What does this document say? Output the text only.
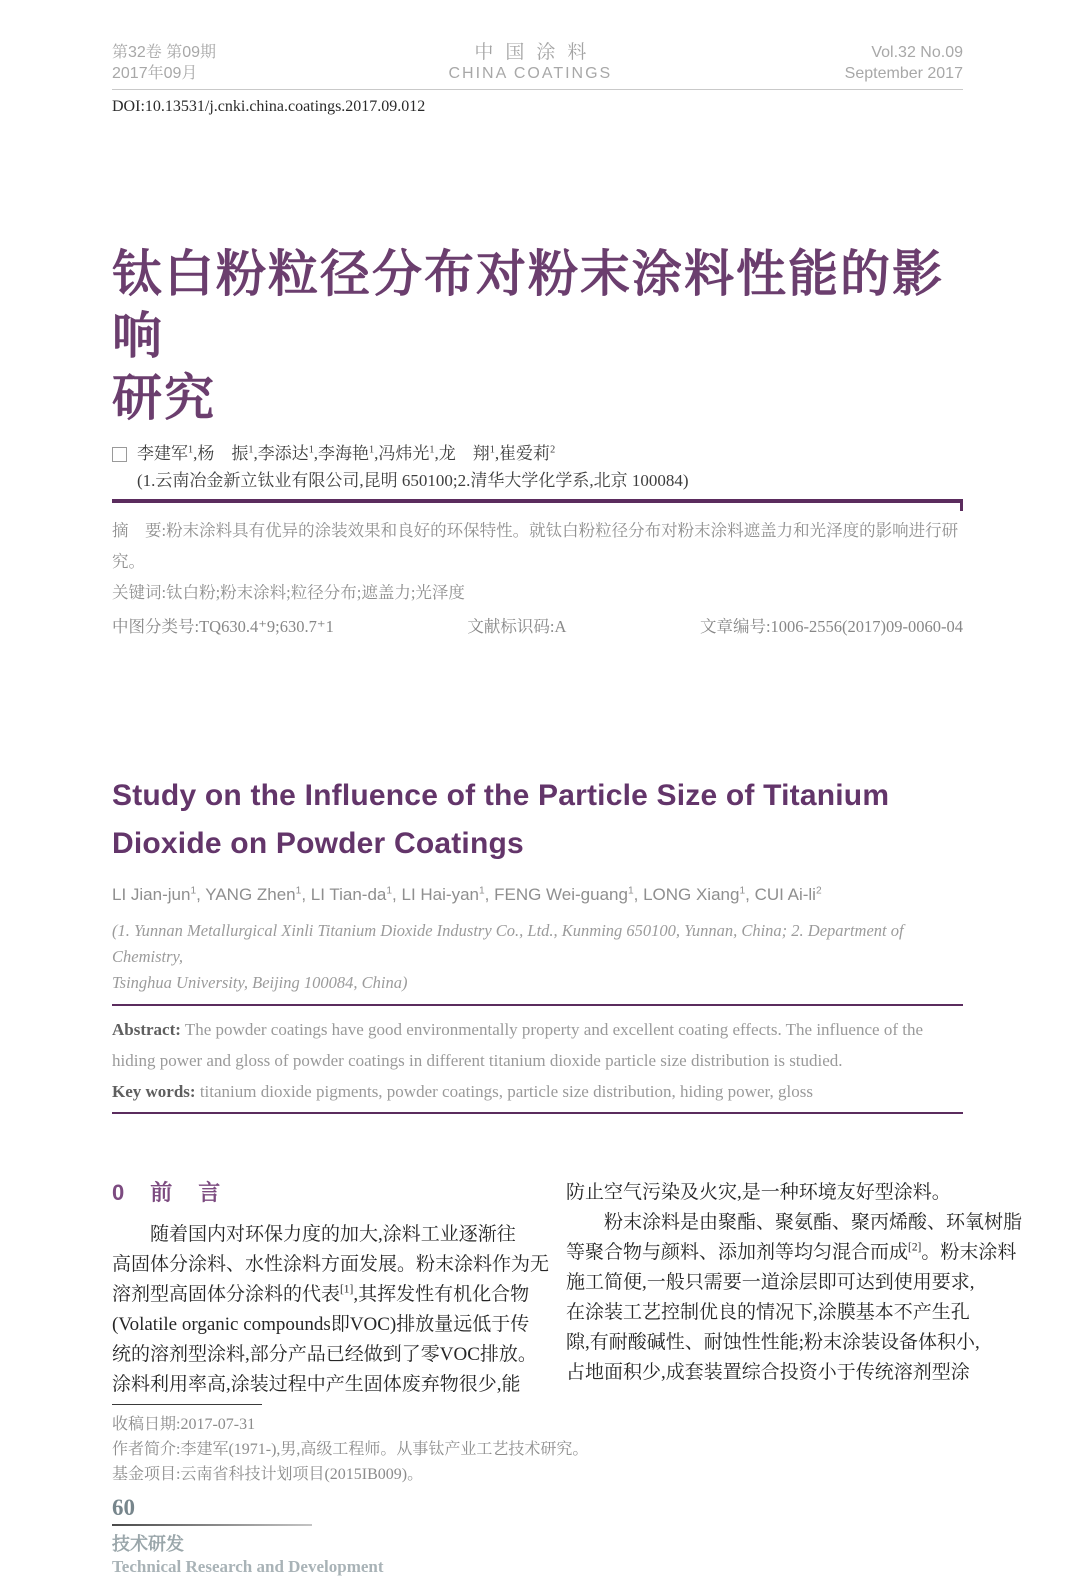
第32卷 第09期
2017年09月
中国涂料
CHINA COATINGS
Vol.32 No.09
September 2017
DOI:10.13531/j.cnki.china.coatings.2017.09.012
钛白粉粒径分布对粉末涂料性能的影响
研究
李建军$^1$,杨　振$^1$,李添达$^1$,李海艳$^1$,冯炜光$^1$,龙　翔$^1$,崔爱莉$^2$
(1.云南冶金新立钛业有限公司,昆明 650100;2.清华大学化学系,北京 100084)
摘　要:粉末涂料具有优异的涂装效果和良好的环保特性。就钛白粉粒径分布对粉末涂料遮盖力和光泽度的影响进行研究。
关键词:钛白粉;粉末涂料;粒径分布;遮盖力;光泽度
中图分类号:TQ630.4⁺9;630.7⁺1	文献标识码:A	文章编号:1006-2556(2017)09-0060-04
Study on the Influence of the Particle Size of Titanium
Dioxide on Powder Coatings
LI Jian-jun$^1$, YANG Zhen$^1$, LI Tian-$da^1$, LI Hai-yan$^1$, FENG Wei-guang$^1$, LONG Xiang$^1$, CUI $Ai-li^2$
(1. Yunnan Metallurgical Xinli Titanium Dioxide Industry Co., Ltd., Kunming 650100, Yunnan, China; 2. Department of Chemistry,
Tsinghua University, Beijing 100084, China)
Abstract: The powder coatings have good environmentally property and excellent coating effects. The influence of the hiding power and gloss of powder coatings in different titanium dioxide particle size distribution is studied.
Key words: titanium dioxide pigments, powder coatings, particle size distribution, hiding power, gloss
0　前　言
　　随着国内对环保力度的加大,涂料工业逐渐往
高固体分涂料、水性涂料方面发展。粉末涂料作为无
溶剂型高固体分涂料的代表[1],其挥发性有机化合物
(Volatile organic compounds即VOC)排放量远低于传
统的溶剂型涂料,部分产品已经做到了零VOC排放。
涂料利用率高,涂装过程中产生固体废弃物很少,能
防止空气污染及火灾,是一种环境友好型涂料。
　　粉末涂料是由聚酯、聚氨酯、聚丙烯酸、环氧树脂
等聚合物与颜料、添加剂等均匀混合而成[2]。粉末涂料
施工简便,一般只需要一道涂层即可达到使用要求,
在涂装工艺控制优良的情况下,涂膜基本不产生孔
隙,有耐酸碱性、耐蚀性性能;粉末涂装设备体积小,
占地面积少,成套装置综合投资小于传统溶剂型涂
收稿日期:2017-07-31
作者简介:李建军(1971-),男,高级工程师。从事钛产业工艺技术研究。
基金项目:云南省科技计划项目(2015IB009)。
60
技术研发
Technical Research and Development
